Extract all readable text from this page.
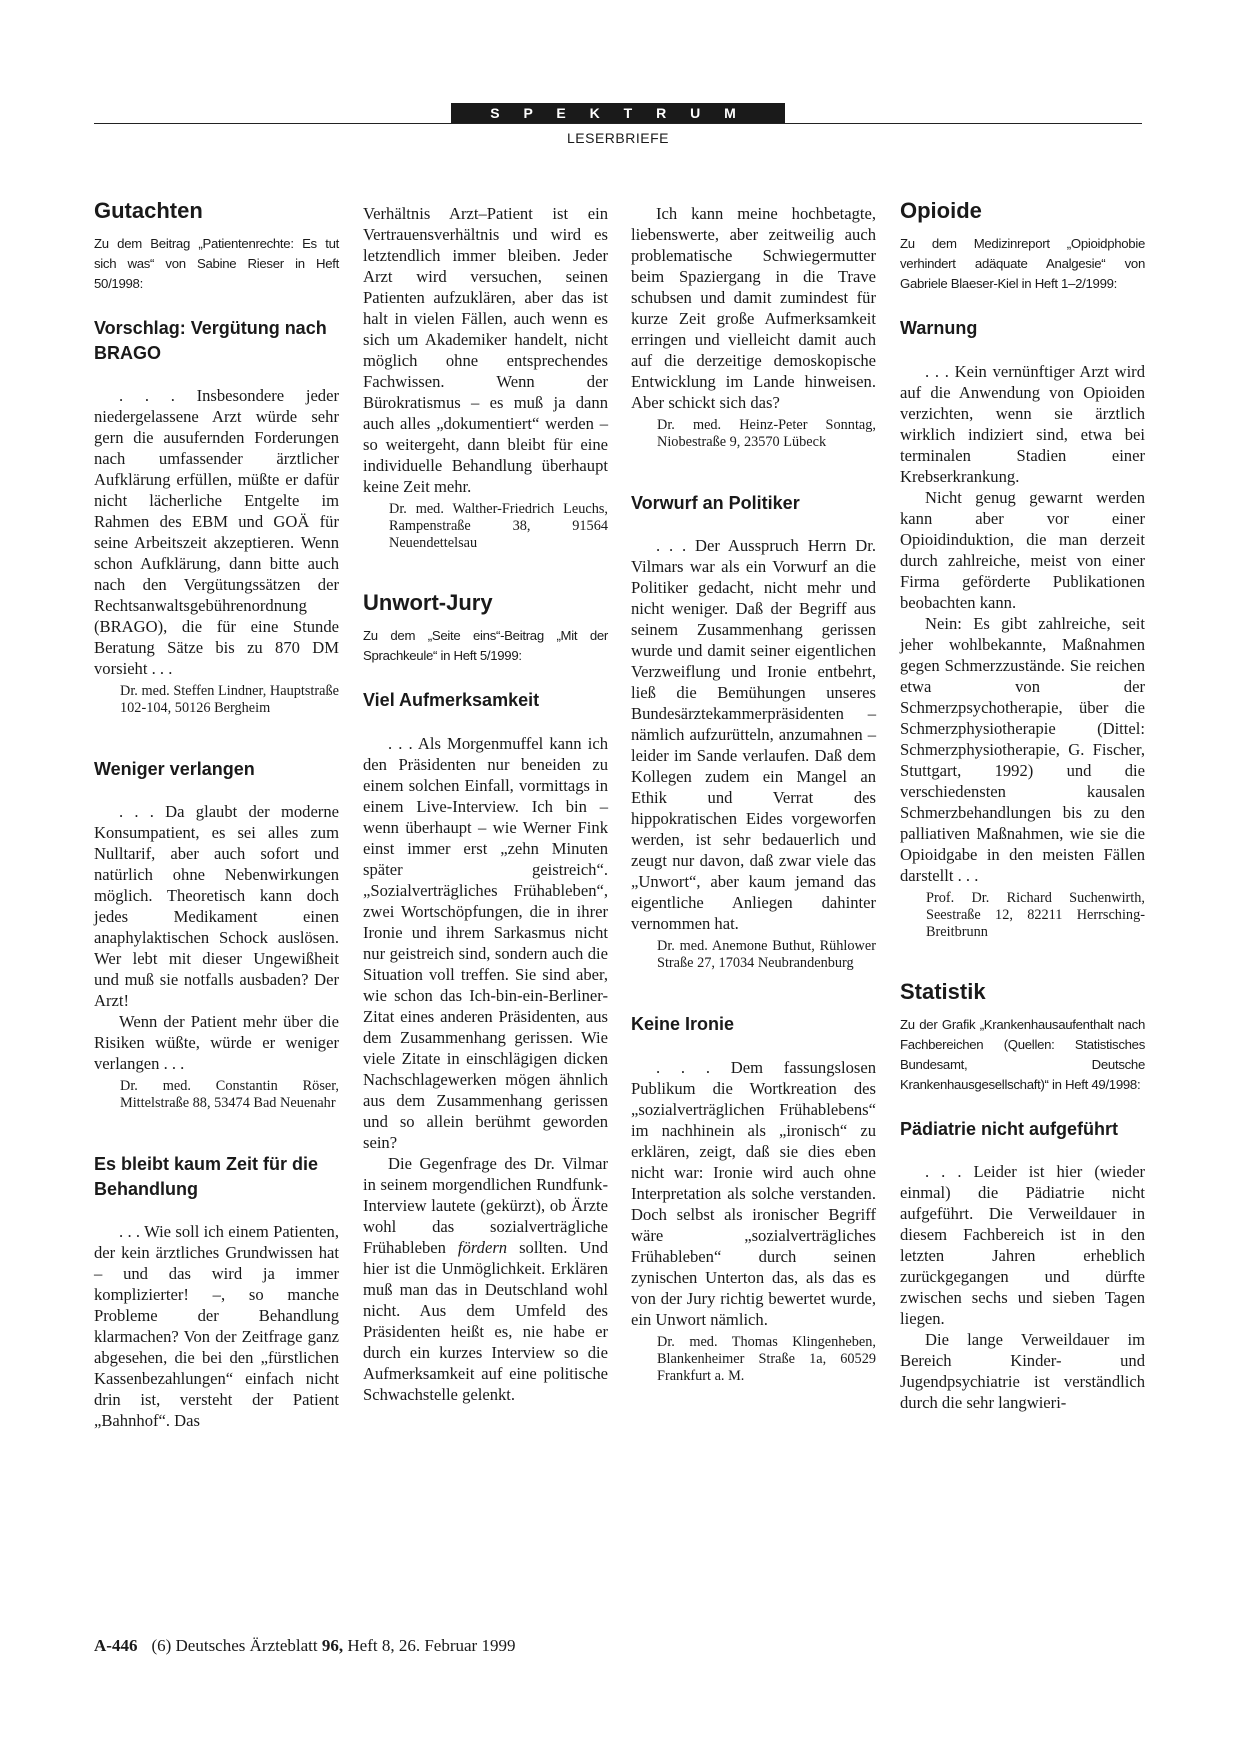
S P E K T R U M
LESERBRIEFE
Gutachten

Zu dem Beitrag „Patientenrechte: Es tut sich was“ von Sabine Rieser in Heft 50/1998:

Vorschlag: Vergütung nach BRAGO

. . . Insbesondere jeder niedergelassene Arzt würde sehr gern die ausufernden Forderungen nach umfassender ärztlicher Aufklärung erfüllen, müßte er dafür nicht lächerliche Entgelte im Rahmen des EBM und GOÄ für seine Arbeitszeit akzeptieren. Wenn schon Aufklärung, dann bitte auch nach den Vergütungssätzen der Rechtsanwaltsgebührenordnung (BRAGO), die für eine Stunde Beratung Sätze bis zu 870 DM vorsieht . . .

Dr. med. Steffen Lindner, Hauptstraße 102-104, 50126 Bergheim

Weniger verlangen

. . . Da glaubt der moderne Konsumpatient, es sei alles zum Nulltarif, aber auch sofort und natürlich ohne Nebenwirkungen möglich. Theoretisch kann doch jedes Medikament einen anaphylaktischen Schock auslösen. Wer lebt mit dieser Ungewißheit und muß sie notfalls ausbaden? Der Arzt!

Wenn der Patient mehr über die Risiken wüßte, würde er weniger verlangen . . .

Dr. med. Constantin Röser, Mittelstraße 88, 53474 Bad Neuenahr

Es bleibt kaum Zeit für die Behandlung

. . . Wie soll ich einem Patienten, der kein ärztliches Grundwissen hat – und das wird ja immer komplizierter! –, so manche Probleme der Behandlung klarmachen? Von der Zeitfrage ganz abgesehen, die bei den „fürstlichen Kassenbezahlungen“ einfach nicht drin ist, versteht der Patient „Bahnhof“. Das

Verhältnis Arzt–Patient ist ein Vertrauensverhältnis und wird es letztendlich immer bleiben. Jeder Arzt wird versuchen, seinen Patienten aufzuklären, aber das ist halt in vielen Fällen, auch wenn es sich um Akademiker handelt, nicht möglich ohne entsprechendes Fachwissen. Wenn der Bürokratismus – es muß ja dann auch alles „dokumentiert“ werden – so weitergeht, dann bleibt für eine individuelle Behandlung überhaupt keine Zeit mehr.

Dr. med. Walther-Friedrich Leuchs, Rampenstraße 38, 91564 Neuendettelsau

Unwort-Jury

Zu dem „Seite eins“-Beitrag „Mit der Sprachkeule“ in Heft 5/1999:

Viel Aufmerksamkeit

. . . Als Morgenmuffel kann ich den Präsidenten nur beneiden zu einem solchen Einfall, vormittags in einem Live-Interview. Ich bin – wenn überhaupt – wie Werner Fink einst immer erst „zehn Minuten später geistreich“. „Sozialverträgliches Frühableben“, zwei Wortschöpfungen, die in ihrer Ironie und ihrem Sarkasmus nicht nur geistreich sind, sondern auch die Situation voll treffen. Sie sind aber, wie schon das Ich-bin-ein-Berliner-Zitat eines anderen Präsidenten, aus dem Zusammenhang gerissen. Wie viele Zitate in einschlägigen dicken Nachschlagewerken mögen ähnlich aus dem Zusammenhang gerissen und so allein berühmt geworden sein?

Die Gegenfrage des Dr. Vilmar in seinem morgendlichen Rundfunk-Interview lautete (gekürzt), ob Ärzte wohl das sozialverträgliche Frühableben fördern sollten. Und hier ist die Unmöglichkeit. Erklären muß man das in Deutschland wohl nicht. Aus dem Umfeld des Präsidenten heißt es, nie habe er durch ein kurzes Interview so die Aufmerksamkeit auf eine politische Schwachstelle gelenkt.

Ich kann meine hochbetagte, liebenswerte, aber zeitweilig auch problematische Schwiegermutter beim Spaziergang in die Trave schubsen und damit zumindest für kurze Zeit große Aufmerksamkeit erringen und vielleicht damit auch auf die derzeitige demoskopische Entwicklung im Lande hinweisen. Aber schickt sich das?

Dr. med. Heinz-Peter Sonntag, Niobestraße 9, 23570 Lübeck

Vorwurf an Politiker

. . . Der Ausspruch Herrn Dr. Vilmars war als ein Vorwurf an die Politiker gedacht, nicht mehr und nicht weniger. Daß der Begriff aus seinem Zusammenhang gerissen wurde und damit seiner eigentlichen Verzweiflung und Ironie entbehrt, ließ die Bemühungen unseres Bundesärztekammerpräsidenten – nämlich aufzurütteln, anzumahnen – leider im Sande verlaufen. Daß dem Kollegen zudem ein Mangel an Ethik und Verrat des hippokratischen Eides vorgeworfen werden, ist sehr bedauerlich und zeugt nur davon, daß zwar viele das „Unwort“, aber kaum jemand das eigentliche Anliegen dahinter vernommen hat.

Dr. med. Anemone Buthut, Rühlower Straße 27, 17034 Neubrandenburg

Keine Ironie

. . . Dem fassungslosen Publikum die Wortkreation des „sozialverträglichen Frühablebens“ im nachhinein als „ironisch“ zu erklären, zeigt, daß sie dies eben nicht war: Ironie wird auch ohne Interpretation als solche verstanden. Doch selbst als ironischer Begriff wäre „sozialverträgliches Frühableben“ durch seinen zynischen Unterton das, als das es von der Jury richtig bewertet wurde, ein Unwort nämlich.

Dr. med. Thomas Klingenheben, Blankenheimer Straße 1a, 60529 Frankfurt a. M.

Opioide

Zu dem Medizinreport „Opioidphobie verhindert adäquate Analgesie“ von Gabriele Blaeser-Kiel in Heft 1–2/1999:

Warnung

. . . Kein vernünftiger Arzt wird auf die Anwendung von Opioiden verzichten, wenn sie ärztlich wirklich indiziert sind, etwa bei terminalen Stadien einer Krebserkrankung.

Nicht genug gewarnt werden kann aber vor einer Opioidinduktion, die man derzeit durch zahlreiche, meist von einer Firma geförderte Publikationen beobachten kann.

Nein: Es gibt zahlreiche, seit jeher wohlbekannte, Maßnahmen gegen Schmerzzustände. Sie reichen etwa von der Schmerzpsychotherapie, über die Schmerzphysiotherapie (Dittel: Schmerzphysiotherapie, G. Fischer, Stuttgart, 1992) und die verschiedensten kausalen Schmerzbehandlungen bis zu den palliativen Maßnahmen, wie sie die Opioidgabe in den meisten Fällen darstellt . . .

Prof. Dr. Richard Suchenwirth, Seestraße 12, 82211 Herrsching-Breitbrunn

Statistik

Zu der Grafik „Krankenhausaufenthalt nach Fachbereichen (Quellen: Statistisches Bundesamt, Deutsche Krankenhausgesellschaft)“ in Heft 49/1998:

Pädiatrie nicht aufgeführt

. . . Leider ist hier (wieder einmal) die Pädiatrie nicht aufgeführt. Die Verweildauer in diesem Fachbereich ist in den letzten Jahren erheblich zurückgegangen und dürfte zwischen sechs und sieben Tagen liegen.

Die lange Verweildauer im Bereich Kinder- und Jugendpsychiatrie ist verständlich durch die sehr langwieri-

A-446 (6) Deutsches Ärzteblatt 96, Heft 8, 26. Februar 1999
